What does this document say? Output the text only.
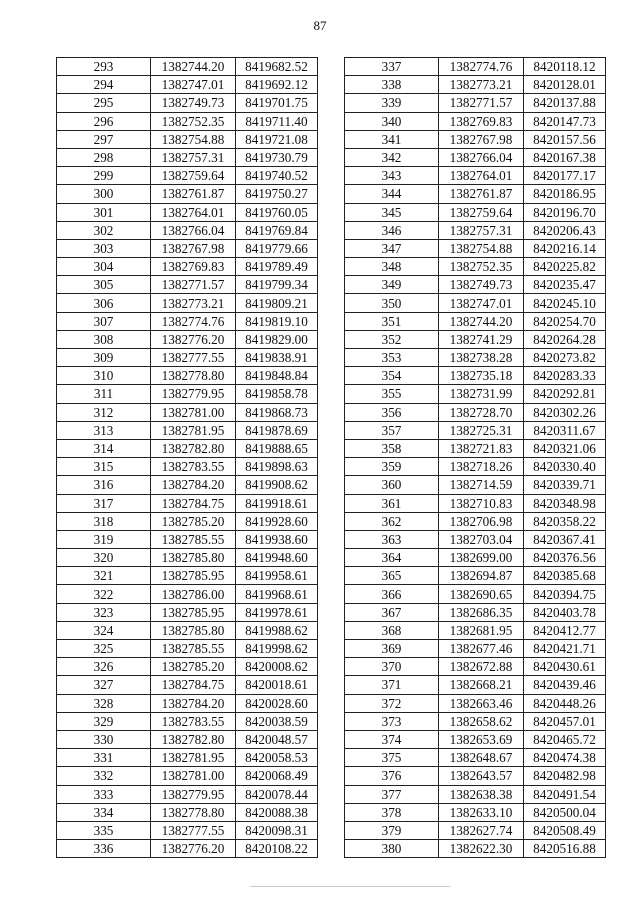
87
293	1382744.20	8419682.52
294	1382747.01	8419692.12
295	1382749.73	8419701.75
296	1382752.35	8419711.40
297	1382754.88	8419721.08
298	1382757.31	8419730.79
299	1382759.64	8419740.52
300	1382761.87	8419750.27
301	1382764.01	8419760.05
302	1382766.04	8419769.84
303	1382767.98	8419779.66
304	1382769.83	8419789.49
305	1382771.57	8419799.34
306	1382773.21	8419809.21
307	1382774.76	8419819.10
308	1382776.20	8419829.00
309	1382777.55	8419838.91
310	1382778.80	8419848.84
311	1382779.95	8419858.78
312	1382781.00	8419868.73
313	1382781.95	8419878.69
314	1382782.80	8419888.65
315	1382783.55	8419898.63
316	1382784.20	8419908.62
317	1382784.75	8419918.61
318	1382785.20	8419928.60
319	1382785.55	8419938.60
320	1382785.80	8419948.60
321	1382785.95	8419958.61
322	1382786.00	8419968.61
323	1382785.95	8419978.61
324	1382785.80	8419988.62
325	1382785.55	8419998.62
326	1382785.20	8420008.62
327	1382784.75	8420018.61
328	1382784.20	8420028.60
329	1382783.55	8420038.59
330	1382782.80	8420048.57
331	1382781.95	8420058.53
332	1382781.00	8420068.49
333	1382779.95	8420078.44
334	1382778.80	8420088.38
335	1382777.55	8420098.31
336	1382776.20	8420108.22
337	1382774.76	8420118.12
338	1382773.21	8420128.01
339	1382771.57	8420137.88
340	1382769.83	8420147.73
341	1382767.98	8420157.56
342	1382766.04	8420167.38
343	1382764.01	8420177.17
344	1382761.87	8420186.95
345	1382759.64	8420196.70
346	1382757.31	8420206.43
347	1382754.88	8420216.14
348	1382752.35	8420225.82
349	1382749.73	8420235.47
350	1382747.01	8420245.10
351	1382744.20	8420254.70
352	1382741.29	8420264.28
353	1382738.28	8420273.82
354	1382735.18	8420283.33
355	1382731.99	8420292.81
356	1382728.70	8420302.26
357	1382725.31	8420311.67
358	1382721.83	8420321.06
359	1382718.26	8420330.40
360	1382714.59	8420339.71
361	1382710.83	8420348.98
362	1382706.98	8420358.22
363	1382703.04	8420367.41
364	1382699.00	8420376.56
365	1382694.87	8420385.68
366	1382690.65	8420394.75
367	1382686.35	8420403.78
368	1382681.95	8420412.77
369	1382677.46	8420421.71
370	1382672.88	8420430.61
371	1382668.21	8420439.46
372	1382663.46	8420448.26
373	1382658.62	8420457.01
374	1382653.69	8420465.72
375	1382648.67	8420474.38
376	1382643.57	8420482.98
377	1382638.38	8420491.54
378	1382633.10	8420500.04
379	1382627.74	8420508.49
380	1382622.30	8420516.88
